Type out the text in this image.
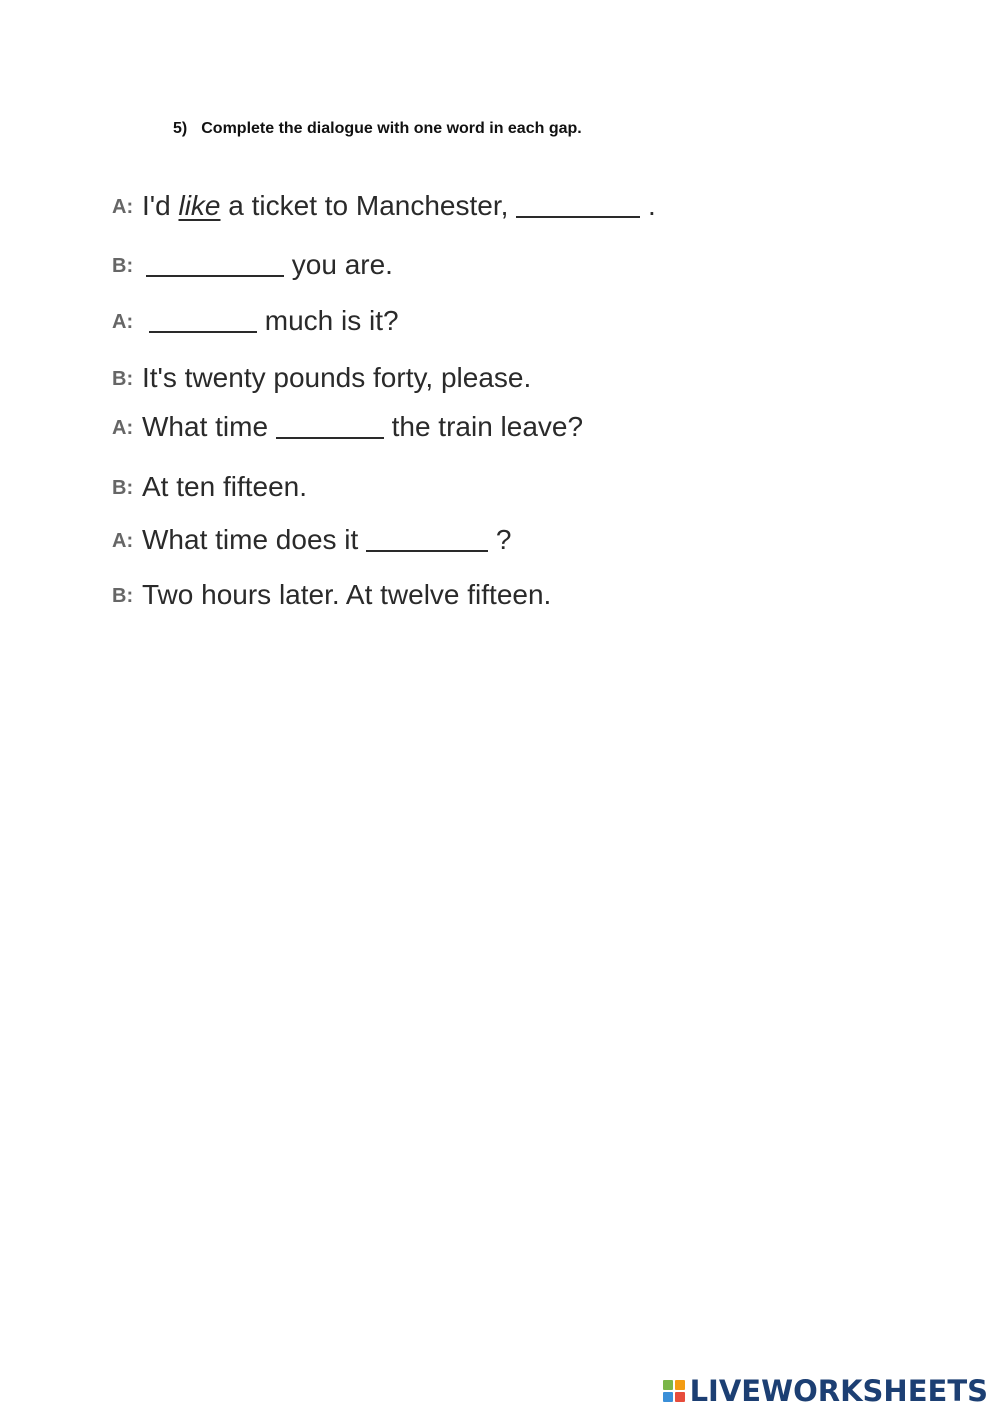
5) Complete the dialogue with one word in each gap.
A: I'd like a ticket to Manchester,	.
B:	you are.
A:	much is it?
B: It's twenty pounds forty, please.
A: What time	the train leave?
B: At ten fifteen.
A: What time does it	?
B: Two hours later. At twelve fifteen.
LIVEWORKSHEETS
